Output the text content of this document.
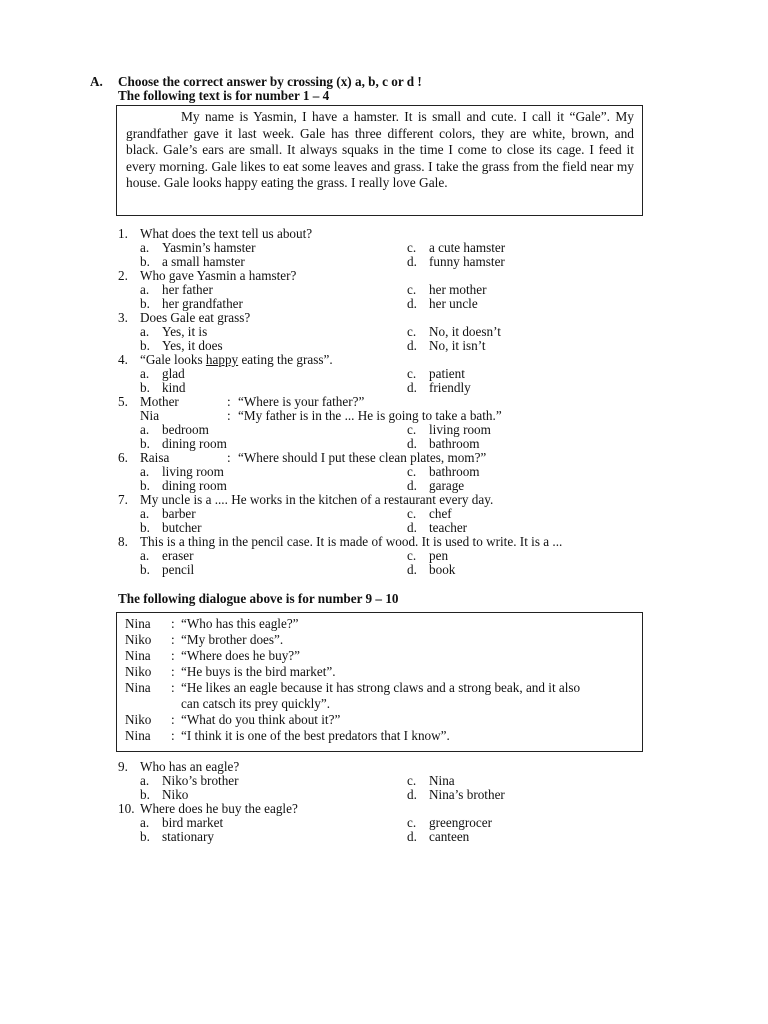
A. Choose the correct answer by crossing (x) a, b, c or d !
The following text is for number 1 – 4

My name is Yasmin, I have a hamster. It is small and cute. I call it “Gale”. My grandfather gave it last week. Gale has three different colors, they are white, brown, and black. Gale’s ears are small. It always squaks in the time I come to close its cage. I feed it every morning. Gale likes to eat some leaves and grass. I take the grass from the field near my house. Gale looks happy eating the grass. I really love Gale.

1. What does the text tell us about?
a. Yasmin’s hamster	c. a cute hamster
b. a small hamster	d. funny hamster
2. Who gave Yasmin a hamster?
a. her father	c. her mother
b. her grandfather	d. her uncle
3. Does Gale eat grass?
a. Yes, it is	c. No, it doesn’t
b. Yes, it does	d. No, it isn’t
4. “Gale looks happy eating the grass”.
a. glad	c. patient
b. kind	d. friendly
5. Mother	: “Where is your father?”
Nia	: “My father is in the ... He is going to take a bath.”
a. bedroom	c. living room
b. dining room	d. bathroom
6. Raisa	: “Where should I put these clean plates, mom?”
a. living room	c. bathroom
b. dining room	d. garage
7. My uncle is a .... He works in the kitchen of a restaurant every day.
a. barber	c. chef
b. butcher	d. teacher
8. This is a thing in the pencil case. It is made of wood. It is used to write. It is a ...
a. eraser	c. pen
b. pencil	d. book
The following dialogue above is for number 9 – 10
Nina : “Who has this eagle?”
Niko : “My brother does”.
Nina : “Where does he buy?”
Niko : “He buys is the bird market”.
Nina : “He likes an eagle because it has strong claws and a strong beak, and it also
can catsch its prey quickly”.
Niko : “What do you think about it?”
Nina : “I think it is one of the best predators that I know”.
9. Who has an eagle?
a. Niko’s brother	c. Nina
b. Niko	d. Nina’s brother
10. Where does he buy the eagle?
a. bird market	c. greengrocer
b. stationary	d. canteen
